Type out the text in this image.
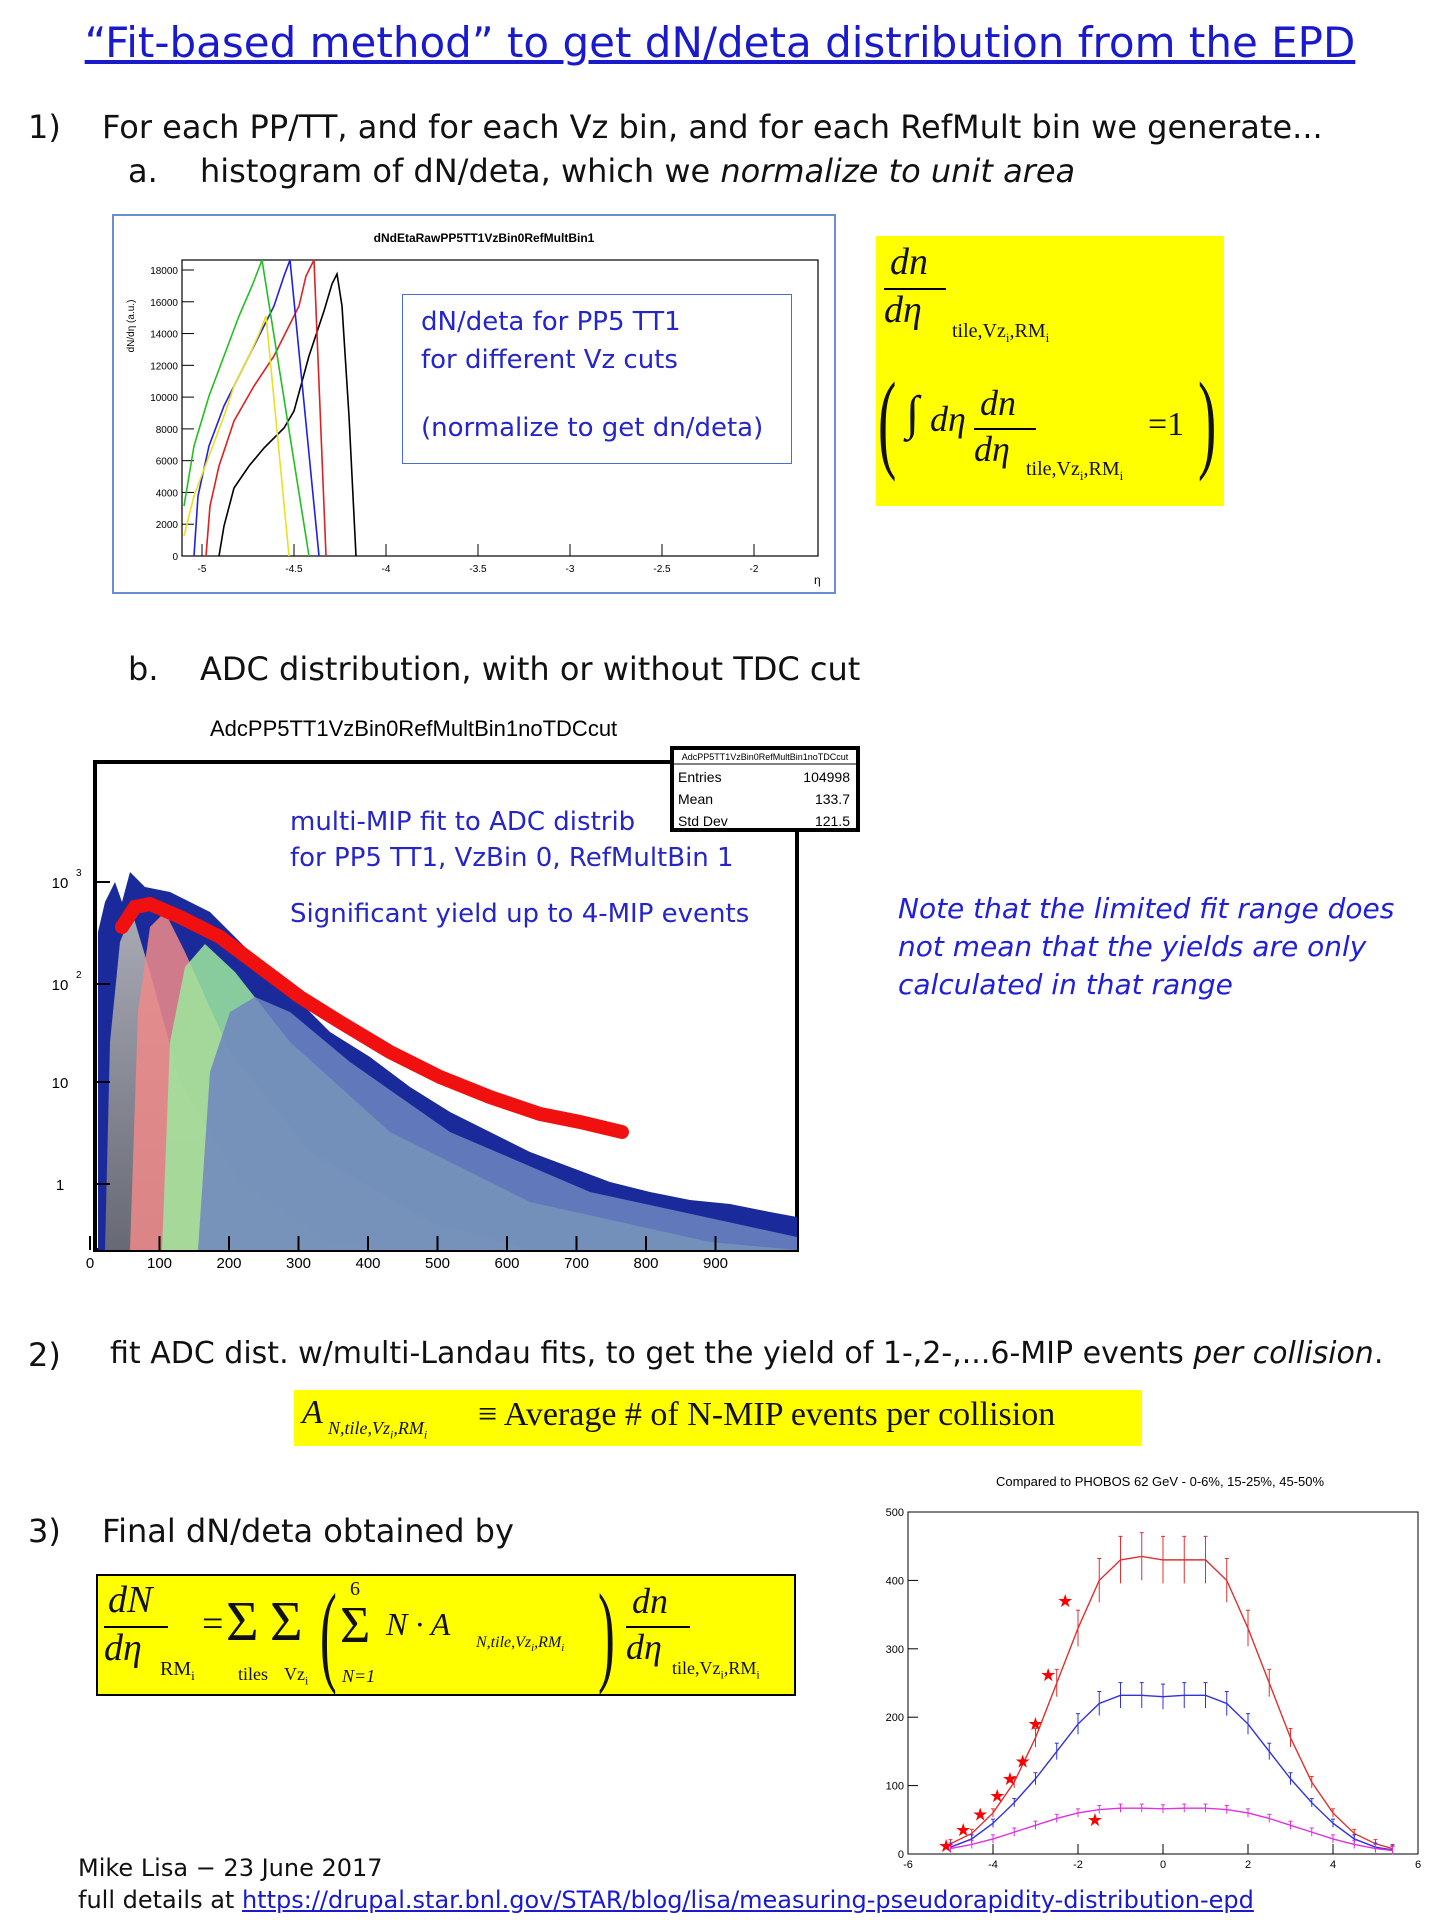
“Fit-based method” to get dN/deta distribution from the EPD
1) For each PP/TT, and for each Vz bin, and for each RefMult bin we generate...
a. histogram of dN/deta, which we normalize to unit area
dNdEtaRawPP5TT1VzBin0RefMultBin1
dN/dη (a.u.)
η
18000
16000
14000
12000
10000
8000
6000
4000
2000
0
-5	-4.5	-4	-3.5	-3	-2.5	-2
dN/deta for PP5 TT1
for different Vz cuts
(normalize to get dn/deta)
dn
dη $tile,Vz_i,RM_i$
(	)
∫ dη dn
dη $tile,Vz_i,RM_i$
=1
b. ADC distribution, with or without TDC cut
AdcPP5TT1VzBin0RefMultBin1noTDCcut
10
3
10
2
10
1
0	100	200	300	400	500	600	700	800	900
AdcPP5TT1VzBin0RefMultBin1noTDCcut
Entries	104998
Mean	133.7
Std Dev	121.5
multi-MIP fit to ADC distrib
for PP5 TT1, VzBin 0, RefMultBin 1
Significant yield up to 4-MIP events	Note that the limited fit range does
not mean that the yields are only
calculated in that range
2) fit ADC dist. w/multi-Landau fits, to get the yield of 1-,2-,...6-MIP events per collision.
A $N,tile,Vz_i,RM_i$
≡ Average # of N-MIP events per collision
3) Final dN/deta obtained by
dN
dη $RM_i$
= Σ
tiles
Σ
$Vz_i$ ( 6
Σ
N=1
N · A
$N,tile,Vz_i,RM_i$ ) dn
dη
$tile,Vz_i,RM_i$
Compared to PHOBOS 62 GeV - 0-6%, 15-25%, 45-50%
0
100
200
300
400
500
-6	-4	-2	0	2	4	6
★
★
★
★
★
★
★
★
★
★
Mike Lisa − 23 June 2017
full details at https://drupal.star.bnl.gov/STAR/blog/lisa/measuring-pseudorapidity-distribution-epd
